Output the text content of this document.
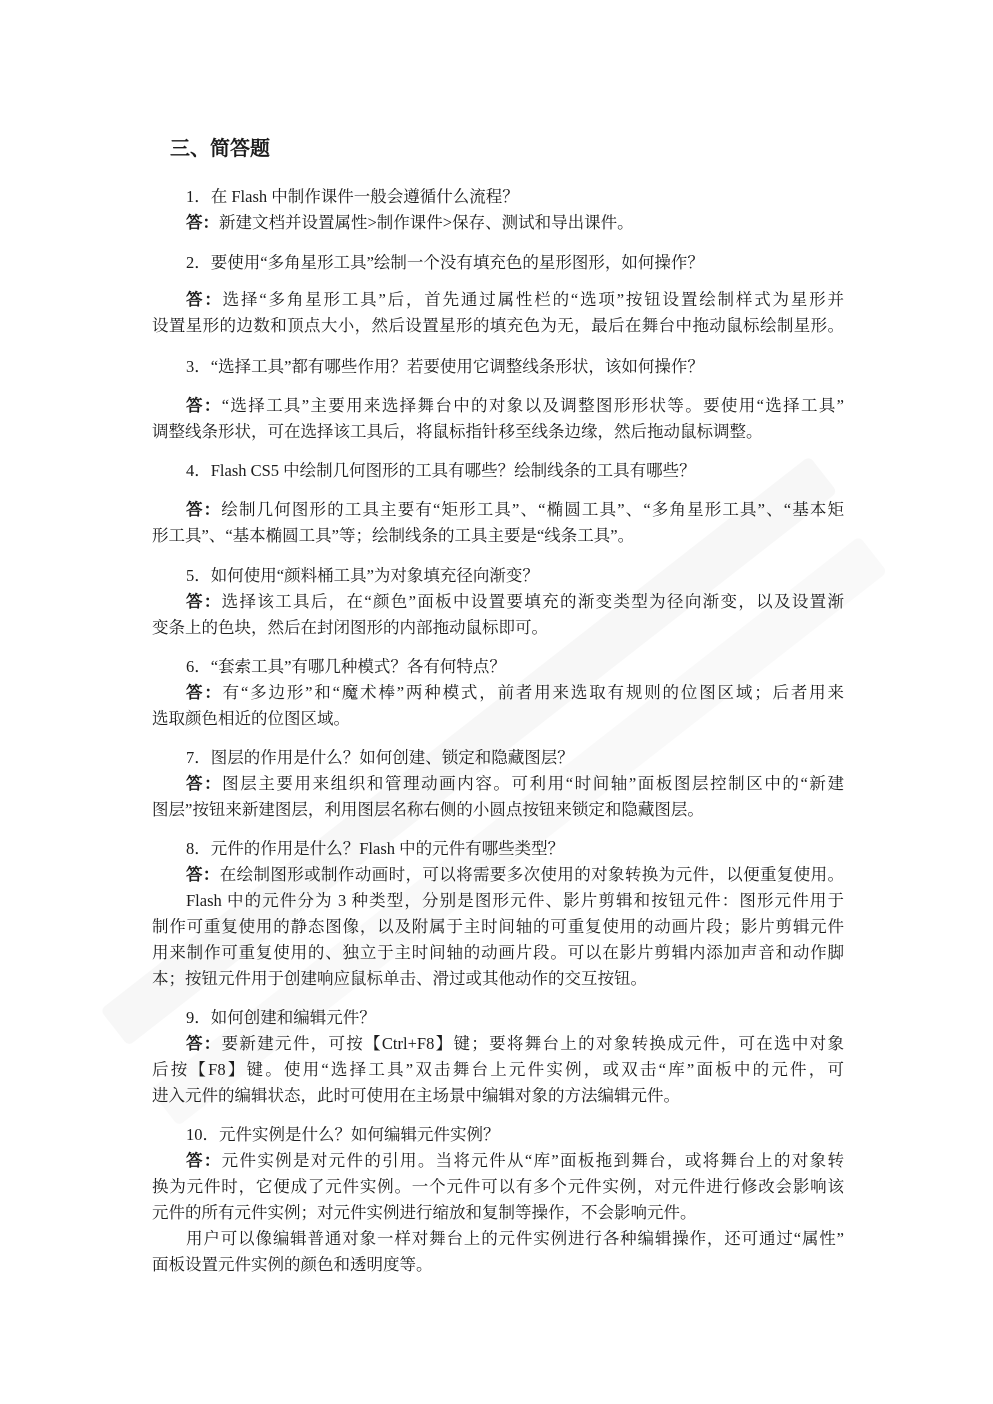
三、简答题
1．在 Flash 中制作课件一般会遵循什么流程？
答：新建文档并设置属性>制作课件>保存、测试和导出课件。
2．要使用“多角星形工具”绘制一个没有填充色的星形图形，如何操作？
答：选择“多角星形工具”后，首先通过属性栏的“选项”按钮设置绘制样式为星形并
设置星形的边数和顶点大小，然后设置星形的填充色为无，最后在舞台中拖动鼠标绘制星形。
3．“选择工具”都有哪些作用？若要使用它调整线条形状，该如何操作？
答：“选择工具”主要用来选择舞台中的对象以及调整图形形状等。要使用“选择工具”
调整线条形状，可在选择该工具后，将鼠标指针移至线条边缘，然后拖动鼠标调整。
4．Flash CS5 中绘制几何图形的工具有哪些？绘制线条的工具有哪些？
答：绘制几何图形的工具主要有“矩形工具”、“椭圆工具”、“多角星形工具”、“基本矩
形工具”、“基本椭圆工具”等；绘制线条的工具主要是“线条工具”。
5．如何使用“颜料桶工具”为对象填充径向渐变？
答：选择该工具后，在“颜色”面板中设置要填充的渐变类型为径向渐变，以及设置渐
变条上的色块，然后在封闭图形的内部拖动鼠标即可。
6．“套索工具”有哪几种模式？各有何特点？
答：有“多边形”和“魔术棒”两种模式，前者用来选取有规则的位图区域；后者用来
选取颜色相近的位图区域。
7．图层的作用是什么？如何创建、锁定和隐藏图层？
答：图层主要用来组织和管理动画内容。可利用“时间轴”面板图层控制区中的“新建
图层”按钮来新建图层，利用图层名称右侧的小圆点按钮来锁定和隐藏图层。
8．元件的作用是什么？Flash 中的元件有哪些类型？
答：在绘制图形或制作动画时，可以将需要多次使用的对象转换为元件，以便重复使用。
Flash 中的元件分为 3 种类型，分别是图形元件、影片剪辑和按钮元件：图形元件用于
制作可重复使用的静态图像，以及附属于主时间轴的可重复使用的动画片段；影片剪辑元件
用来制作可重复使用的、独立于主时间轴的动画片段。可以在影片剪辑内添加声音和动作脚
本；按钮元件用于创建响应鼠标单击、滑过或其他动作的交互按钮。
9．如何创建和编辑元件？
答：要新建元件，可按【Ctrl+F8】键；要将舞台上的对象转换成元件，可在选中对象
后按【F8】键。使用“选择工具”双击舞台上元件实例，或双击“库”面板中的元件，可
进入元件的编辑状态，此时可使用在主场景中编辑对象的方法编辑元件。
10．元件实例是什么？如何编辑元件实例？
答：元件实例是对元件的引用。当将元件从“库”面板拖到舞台，或将舞台上的对象转
换为元件时，它便成了元件实例。一个元件可以有多个元件实例，对元件进行修改会影响该
元件的所有元件实例；对元件实例进行缩放和复制等操作，不会影响元件。
用户可以像编辑普通对象一样对舞台上的元件实例进行各种编辑操作，还可通过“属性”
面板设置元件实例的颜色和透明度等。
